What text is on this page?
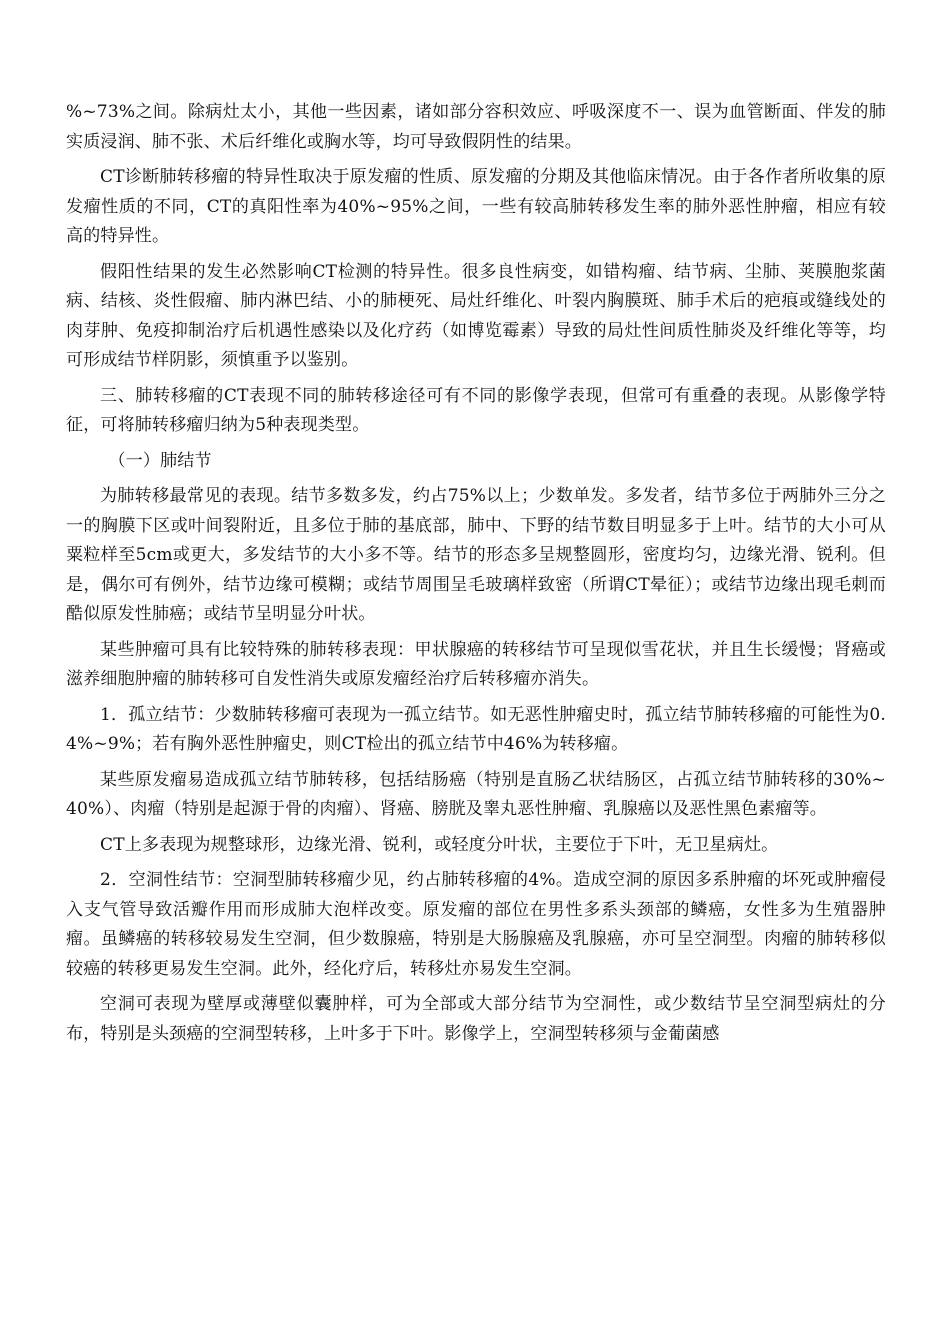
%~73%之间。除病灶太小，其他一些因素，诸如部分容积效应、呼吸深度不一、误为血管断面、伴发的肺实质浸润、肺不张、术后纤维化或胸水等，均可导致假阴性的结果。

CT诊断肺转移瘤的特异性取决于原发瘤的性质、原发瘤的分期及其他临床情况。由于各作者所收集的原发瘤性质的不同，CT的真阳性率为40%~95%之间，一些有较高肺转移发生率的肺外恶性肿瘤，相应有较高的特异性。

假阳性结果的发生必然影响CT检测的特异性。很多良性病变，如错构瘤、结节病、尘肺、荚膜胞浆菌病、结核、炎性假瘤、肺内淋巴结、小的肺梗死、局灶纤维化、叶裂内胸膜斑、肺手术后的疤痕或缝线处的肉芽肿、免疫抑制治疗后机遇性感染以及化疗药（如博览霉素）导致的局灶性间质性肺炎及纤维化等等，均可形成结节样阴影，须慎重予以鉴别。

三、肺转移瘤的CT表现不同的肺转移途径可有不同的影像学表现，但常可有重叠的表现。从影像学特征，可将肺转移瘤归纳为5种表现类型。

（一）肺结节

为肺转移最常见的表现。结节多数多发，约占75%以上；少数单发。多发者，结节多位于两肺外三分之一的胸膜下区或叶间裂附近，且多位于肺的基底部，肺中、下野的结节数目明显多于上叶。结节的大小可从粟粒样至5cm或更大，多发结节的大小多不等。结节的形态多呈规整圆形，密度均匀，边缘光滑、锐利。但是，偶尔可有例外，结节边缘可模糊；或结节周围呈毛玻璃样致密（所谓CT晕征）；或结节边缘出现毛刺而酷似原发性肺癌；或结节呈明显分叶状。

某些肿瘤可具有比较特殊的肺转移表现：甲状腺癌的转移结节可呈现似雪花状，并且生长缓慢；肾癌或滋养细胞肿瘤的肺转移可自发性消失或原发瘤经治疗后转移瘤亦消失。

1．孤立结节：少数肺转移瘤可表现为一孤立结节。如无恶性肿瘤史时，孤立结节肺转移瘤的可能性为0.4%~9%；若有胸外恶性肿瘤史，则CT检出的孤立结节中46%为转移瘤。

某些原发瘤易造成孤立结节肺转移，包括结肠癌（特别是直肠乙状结肠区，占孤立结节肺转移的30%~40%）、肉瘤（特别是起源于骨的肉瘤）、肾癌、膀胱及睾丸恶性肿瘤、乳腺癌以及恶性黑色素瘤等。

CT上多表现为规整球形，边缘光滑、锐利，或轻度分叶状，主要位于下叶，无卫星病灶。

2．空洞性结节：空洞型肺转移瘤少见，约占肺转移瘤的4%。造成空洞的原因多系肿瘤的坏死或肿瘤侵入支气管导致活瓣作用而形成肺大泡样改变。原发瘤的部位在男性多系头颈部的鳞癌，女性多为生殖器肿瘤。虽鳞癌的转移较易发生空洞，但少数腺癌，特别是大肠腺癌及乳腺癌，亦可呈空洞型。肉瘤的肺转移似较癌的转移更易发生空洞。此外，经化疗后，转移灶亦易发生空洞。

空洞可表现为壁厚或薄壁似囊肿样，可为全部或大部分结节为空洞性，或少数结节呈空洞型病灶的分布，特别是头颈癌的空洞型转移，上叶多于下叶。影像学上，空洞型转移须与金葡菌感
